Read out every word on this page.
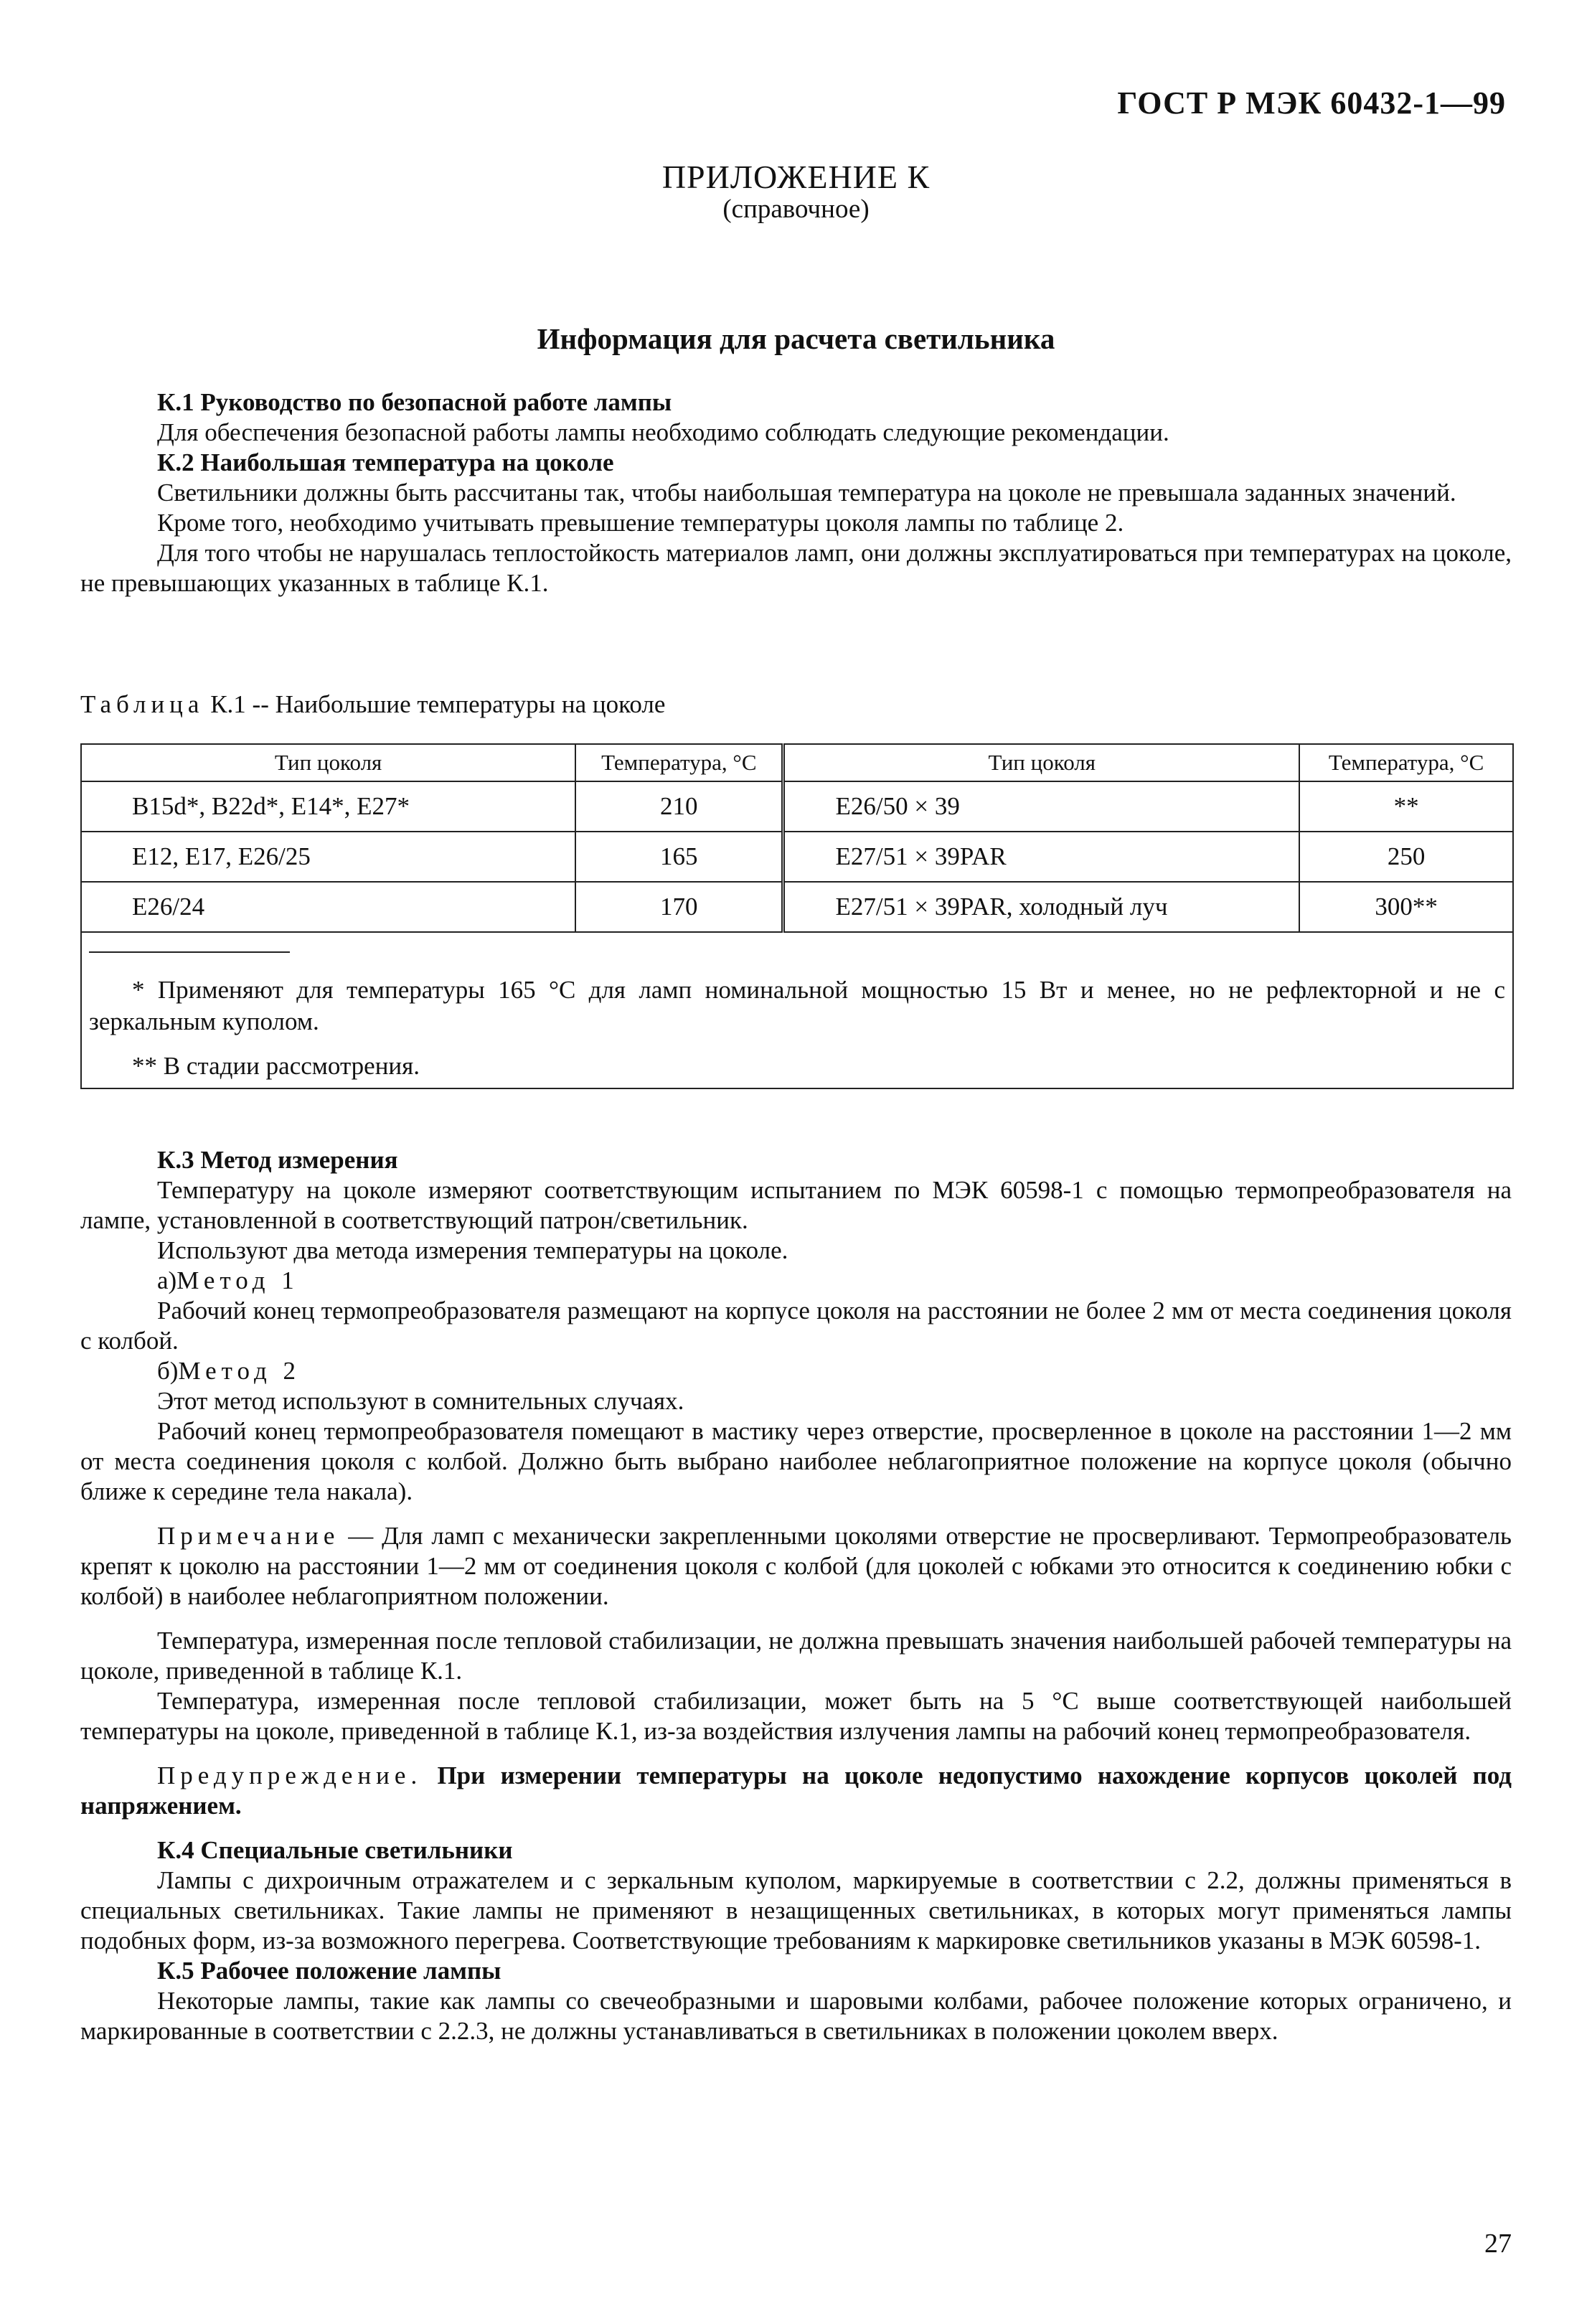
ГОСТ Р МЭК 60432-1—99
ПРИЛОЖЕНИЕ К
(справочное)
Информация для расчета светильника

К.1 Руководство по безопасной работе лампы

Для обеспечения безопасной работы лампы необходимо соблюдать следующие рекомендации.

К.2 Наибольшая температура на цоколе

Светильники должны быть рассчитаны так, чтобы наибольшая температура на цоколе не превышала заданных значений.

Кроме того, необходимо учитывать превышение температуры цоколя лампы по таблице 2.

Для того чтобы не нарушалась теплостойкость материалов ламп, они должны эксплуатироваться при температурах на цоколе, не превышающих указанных в таблице К.1.

Таблица К.1 -- Наибольшие температуры на цоколе
Тип цоколя	Температура, °С	Тип цоколя	Температура, °С
B15d*, B22d*, E14*, E27*	210	E26/50 × 39	**
E12, E17, E26/25	165	E27/51 × 39PAR	250
E26/24	170	E27/51 × 39PAR, холодный луч	300**

* Применяют для температуры 165 °С для ламп номинальной мощностью 15 Вт и менее, но не рефлекторной и не с зеркальным куполом.

** В стадии рассмотрения.			

К.3 Метод измерения

Температуру на цоколе измеряют соответствующим испытанием по МЭК 60598-1 с помощью термопреобразователя на лампе, установленной в соответствующий патрон/светильник.

Используют два метода измерения температуры на цоколе.

а)Метод 1

Рабочий конец термопреобразователя размещают на корпусе цоколя на расстоянии не более 2 мм от места соединения цоколя с колбой.

б)Метод 2

Этот метод используют в сомнительных случаях.

Рабочий конец термопреобразователя помещают в мастику через отверстие, просверленное в цоколе на расстоянии 1—2 мм от места соединения цоколя с колбой. Должно быть выбрано наиболее неблагоприятное положение на корпусе цоколя (обычно ближе к середине тела накала).

Примечание — Для ламп с механически закрепленными цоколями отверстие не просверливают. Термопреобразователь крепят к цоколю на расстоянии 1—2 мм от соединения цоколя с колбой (для цоколей с юбками это относится к соединению юбки с колбой) в наиболее неблагоприятном положении.

Температура, измеренная после тепловой стабилизации, не должна превышать значения наибольшей рабочей температуры на цоколе, приведенной в таблице К.1.

Температура, измеренная после тепловой стабилизации, может быть на 5 °С выше соответствующей наибольшей температуры на цоколе, приведенной в таблице К.1, из-за воздействия излучения лампы на рабочий конец термопреобразователя.

Предупреждение. При измерении температуры на цоколе недопустимо нахождение корпусов цоколей под напряжением.

К.4 Специальные светильники

Лампы с дихроичным отражателем и с зеркальным куполом, маркируемые в соответствии с 2.2, должны применяться в специальных светильниках. Такие лампы не применяют в незащищенных светильниках, в которых могут применяться лампы подобных форм, из-за возможного перегрева. Соответствующие требованиям к маркировке светильников указаны в МЭК 60598-1.

К.5 Рабочее положение лампы

Некоторые лампы, такие как лампы со свечеобразными и шаровыми колбами, рабочее положение которых ограничено, и маркированные в соответствии с 2.2.3, не должны устанавливаться в светильниках в положении цоколем вверх.

27
